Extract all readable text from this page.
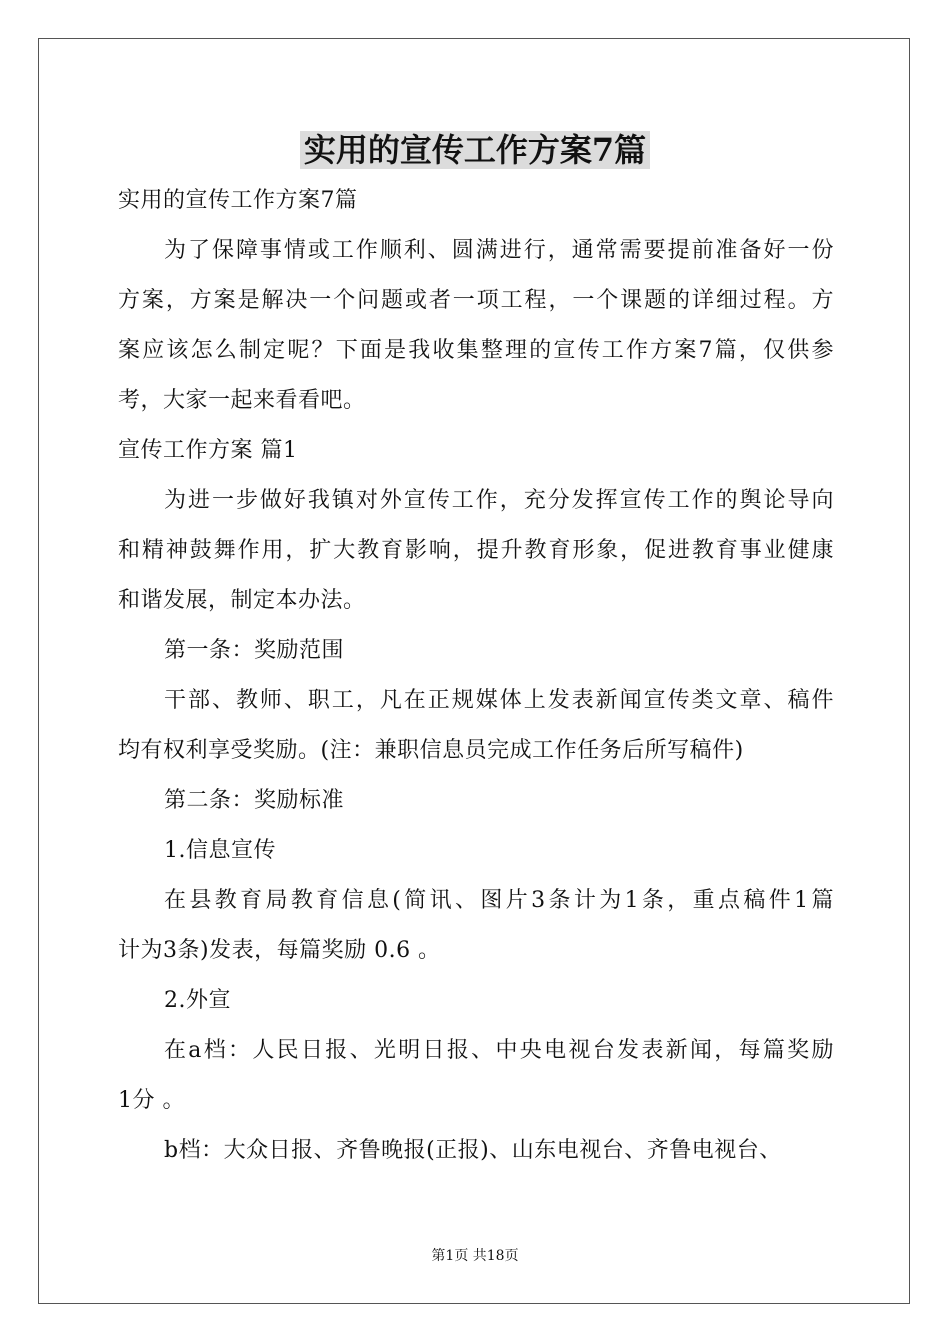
实用的宣传工作方案7篇
实用的宣传工作方案7篇
为了保障事情或工作顺利、圆满进行，通常需要提前准备好一份
方案，方案是解决一个问题或者一项工程，一个课题的详细过程。方
案应该怎么制定呢？下面是我收集整理的宣传工作方案7篇，仅供参
考，大家一起来看看吧。
宣传工作方案 篇1
为进一步做好我镇对外宣传工作，充分发挥宣传工作的舆论导向
和精神鼓舞作用，扩大教育影响，提升教育形象，促进教育事业健康
和谐发展，制定本办法。
第一条：奖励范围
干部、教师、职工，凡在正规媒体上发表新闻宣传类文章、稿件
均有权利享受奖励。(注：兼职信息员完成工作任务后所写稿件)
第二条：奖励标准
1.信息宣传
在县教育局教育信息(简讯、图片3条计为1条，重点稿件1篇
计为3条)发表，每篇奖励 0.6 。
2.外宣
在a档：人民日报、光明日报、中央电视台发表新闻，每篇奖励
1分 。
b档：大众日报、齐鲁晚报(正报)、山东电视台、齐鲁电视台、
第1页 共18页
